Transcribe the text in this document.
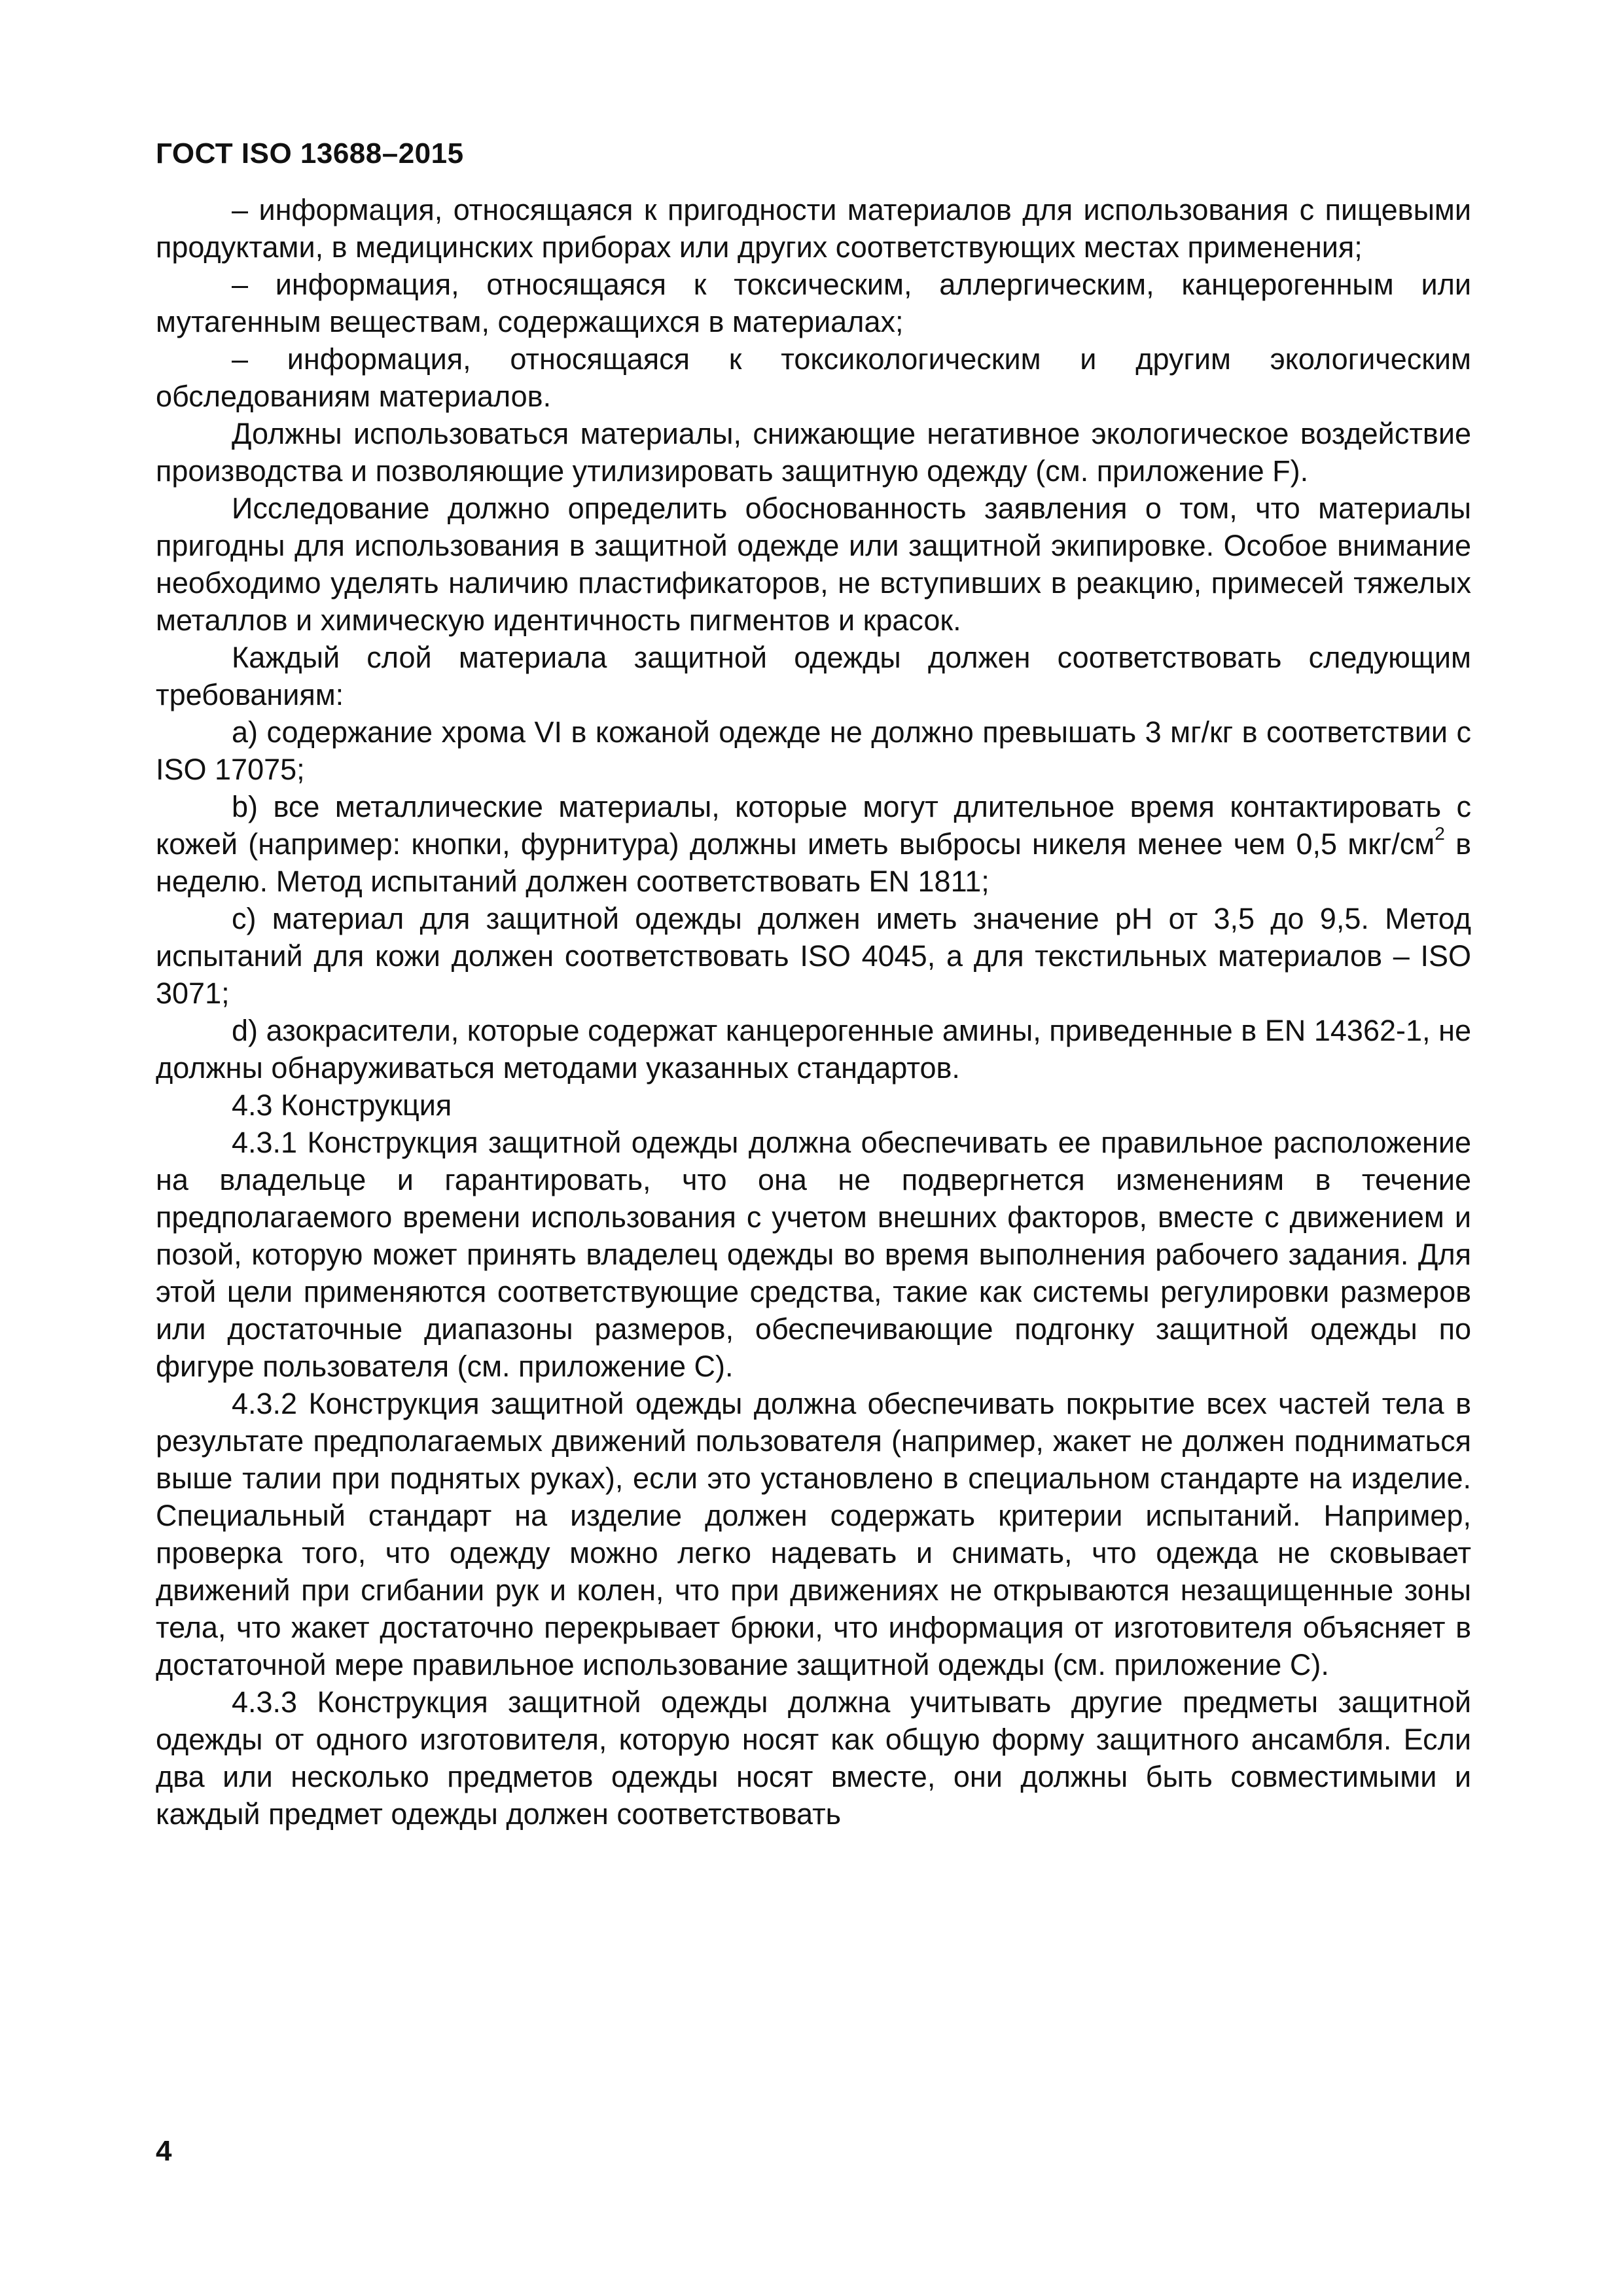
ГОСТ ISO 13688–2015

– информация, относящаяся к пригодности материалов для использования с пищевыми продуктами, в медицинских приборах или других соответствующих местах применения;

– информация, относящаяся к токсическим, аллергическим, канцерогенным или мутагенным веществам, содержащихся в материалах;

– информация, относящаяся к токсикологическим и другим экологическим обследованиям материалов.

Должны использоваться материалы, снижающие негативное экологическое воздействие производства и позволяющие утилизировать защитную одежду (см. приложение F).

Исследование должно определить обоснованность заявления о том, что материалы пригодны для использования в защитной одежде или защитной экипировке. Особое внимание необходимо уделять наличию пластификаторов, не вступивших в реакцию, примесей тяжелых металлов и химическую идентичность пигментов и красок.

Каждый слой материала защитной одежды должен соответствовать следующим требованиям:

a) содержание хрома VI в кожаной одежде не должно превышать 3 мг/кг в соответствии с ISO 17075;

b) все металлические материалы, которые могут длительное время контактировать с кожей (например: кнопки, фурнитура) должны иметь выбросы никеля менее чем 0,5 мкг/$см^2$ в неделю. Метод испытаний должен соответствовать EN 1811;

c) материал для защитной одежды должен иметь значение pH от 3,5 до 9,5. Метод испытаний для кожи должен соответствовать ISO 4045, а для текстильных материалов – ISO 3071;

d) азокрасители, которые содержат канцерогенные амины, приведенные в EN 14362-1, не должны обнаруживаться методами указанных стандартов.

4.3 Конструкция

4.3.1 Конструкция защитной одежды должна обеспечивать ее правильное расположение на владельце и гарантировать, что она не подвергнется изменениям в течение предполагаемого времени использования с учетом внешних факторов, вместе с движением и позой, которую может принять владелец одежды во время выполнения рабочего задания. Для этой цели применяются соответствующие средства, такие как системы регулировки размеров или достаточные диапазоны размеров, обеспечивающие подгонку защитной одежды по фигуре пользователя (см. приложение С).

4.3.2 Конструкция защитной одежды должна обеспечивать покрытие всех частей тела в результате предполагаемых движений пользователя (например, жакет не должен подниматься выше талии при поднятых руках), если это установлено в специальном стандарте на изделие. Специальный стандарт на изделие должен содержать критерии испытаний. Например, проверка того, что одежду можно легко надевать и снимать, что одежда не сковывает движений при сгибании рук и колен, что при движениях не открываются незащищенные зоны тела, что жакет достаточно перекрывает брюки, что информация от изготовителя объясняет в достаточной мере правильное использование защитной одежды (см. приложение С).

4.3.3 Конструкция защитной одежды должна учитывать другие предметы защитной одежды от одного изготовителя, которую носят как общую форму защитного ансамбля. Если два или несколько предметов одежды носят вместе, они должны быть совместимыми и каждый предмет одежды должен соответствовать

4
